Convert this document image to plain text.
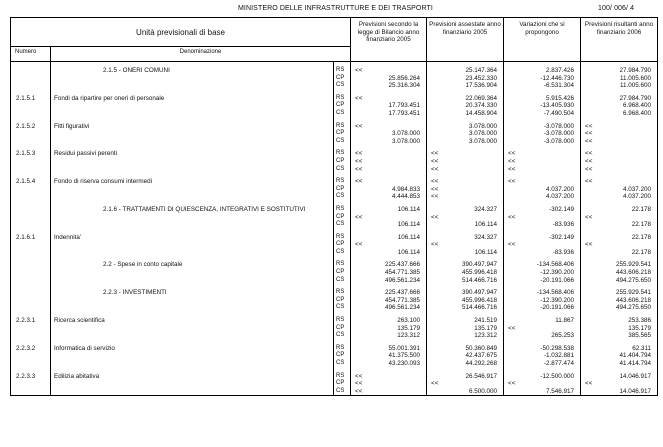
MINISTERO DELLE INFRASTRUTTURE E DEI TRASPORTI	100/ 006/ 4
Unità previsionali di base			Previsioni secondo la legge di Bilancio anno finanziario 2005	Previsioni assestate anno finanziario 2005	Variazioni che si propongono	Previsioni risultanti anno finanziario 2006
Numero	Denominazione					

	2.1.5 - ONERI COMUNI	RS	<<	25.147.364	2.837.426	27.984.790
		CP	25.856.264	23.452.330	-12.446.730	11.005.600
		CS	25.316.304	17.536.904	-6.531.304	11.005.600

2.1.5.1	Fondi da ripartire per oneri di personale	RS	<<	22.069.364	5.915.426	27.984.790
		CP	17.793.451	20.374.330	-13.405.930	6.968.400
		CS	17.793.451	14.458.904	-7.490.504	6.968.400

2.1.5.2	Fitti figurativi	RS	<<	3.078.000	-3.078.000	<<
		CP	3.078.000	3.078.000	-3.078.000	<<
		CS	3.078.000	3.078.000	-3.078.000	<<

2.1.5.3	Residui passivi perenti	RS	<<	<<	<<	<<
		CP	<<	<<	<<	<<
		CS	<<	<<	<<	<<

2.1.5.4	Fondo di riserva consumi intermedi	RS	<<	<<	<<	<<
		CP	4.984.833	<<	4.037.200	4.037.200
		CS	4.444.853	<<	4.037.200	4.037.200

	2.1.6 - TRATTAMENTI DI QUIESCENZA, INTEGRATIVI E SOSTITUTIVI	RS	106.114	324.327	-302.149	22.178
		CP	<<	<<	<<	<<
		CS	106.114	106.114	-83.936	22.178

2.1.6.1	Indennita'	RS	106.114	324.327	-302.149	22.178
		CP	<<	<<	<<	<<
		CS	106.114	106.114	-83.936	22.178

	2.2 - Spese in conto capitale	RS	225.437.666	390.497.947	-134.568.406	255.929.541
		CP	454.771.385	455.996.418	-12.390.200	443.606.218
		CS	496.561.234	514.466.716	-20.191.066	494.275.650

	2.2.3 - INVESTIMENTI	RS	225.437.666	390.497.947	-134.568.406	255.929.541
		CP	454.771.385	455.996.418	-12.390.200	443.606.218
		CS	496.561.234	514.466.716	-20.191.066	494.275.650

2.2.3.1	Ricerca scientifica	RS	263.100	241.519	11.867	253.386
		CP	135.179	135.179	<<	135.179
		CS	123.312	123.312	265.253	385.565

2.2.3.2	Informatica di servizio	RS	55.001.391	50.360.849	-50.298.538	62.311
		CP	41.375.500	42.437.675	-1.032.881	41.404.794
		CS	43.230.093	44.292.268	-2.877.474	41.414.794

2.2.3.3	Edilizia abitativa	RS	<<	26.546.917	-12.500.000	14.046.917
		CP	<<	<<	<<	<<
		CS	<<	6.500.000	7.546.917	14.046.917
